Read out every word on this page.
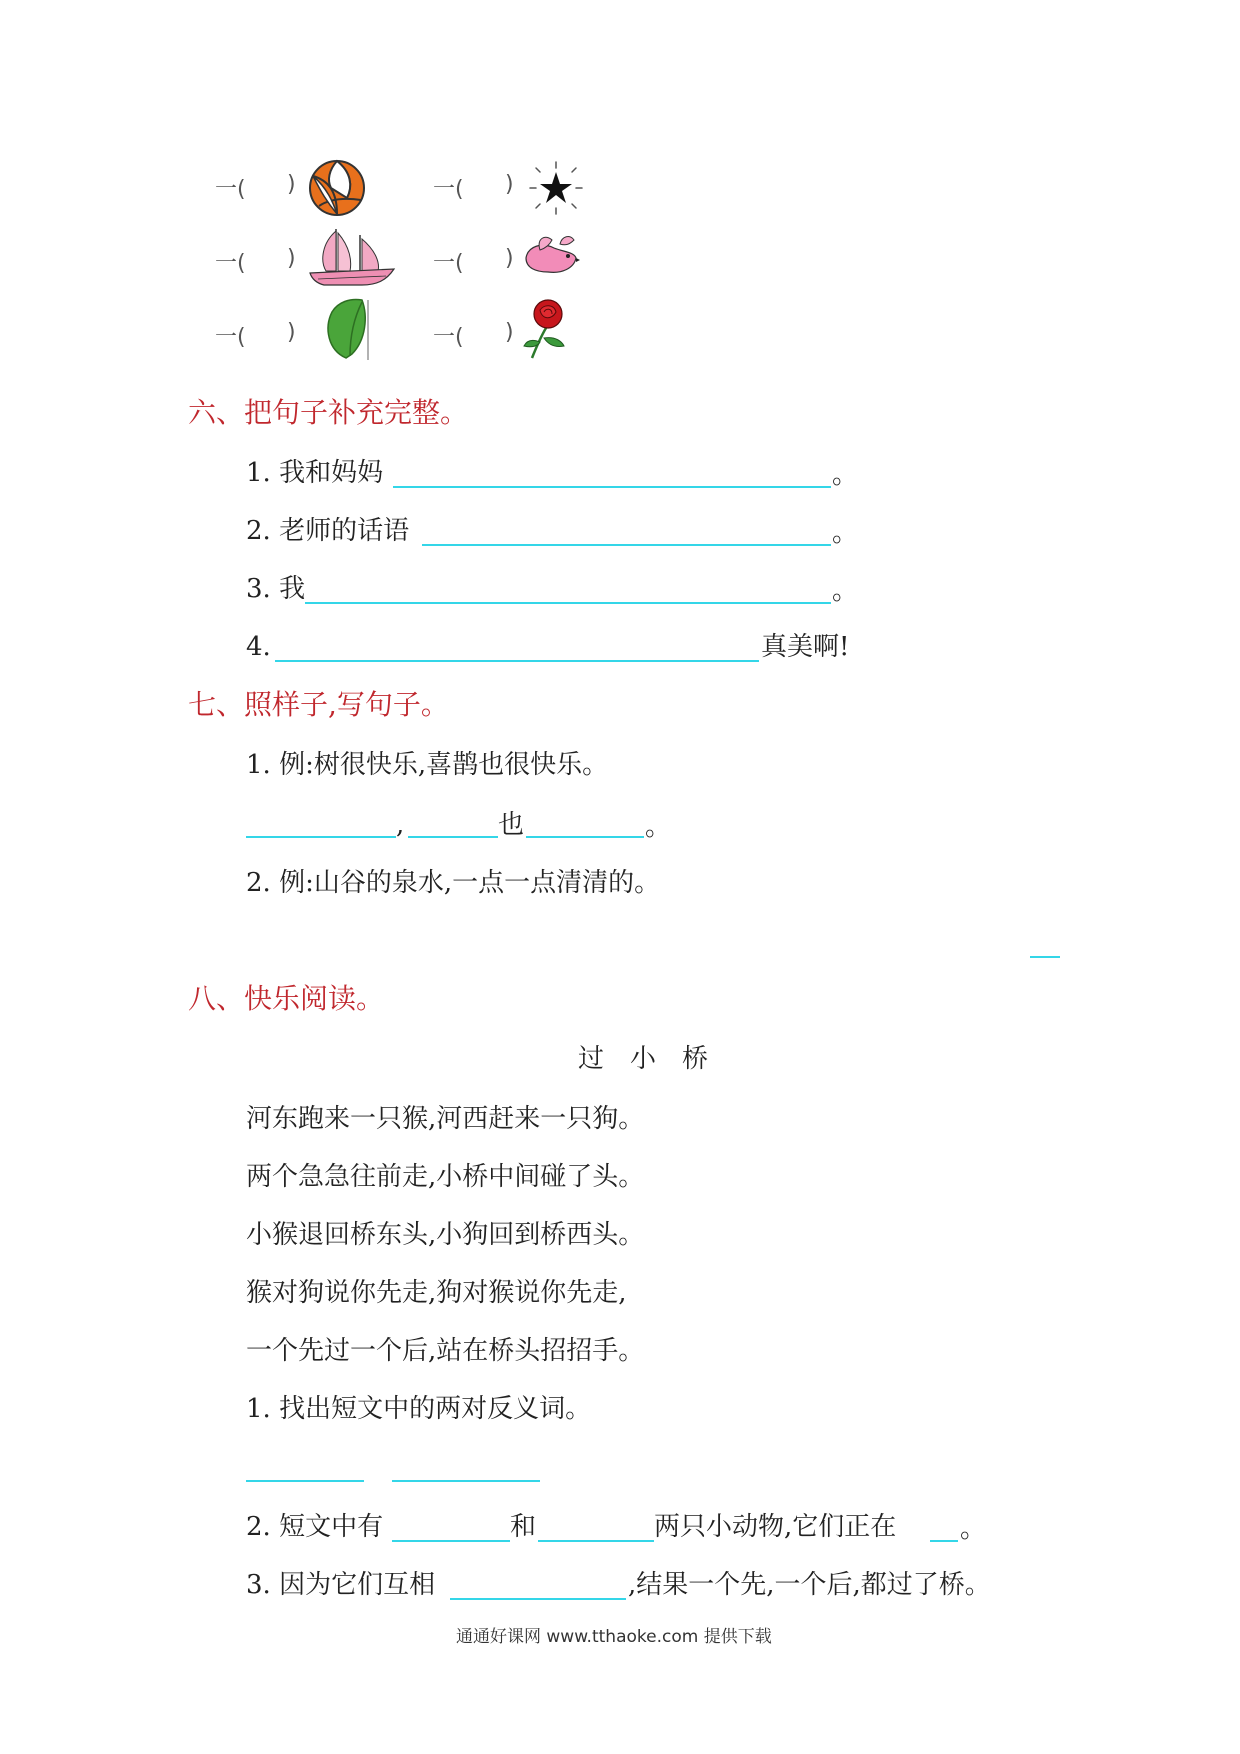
一( )	一( )
一( )	一( )
一( )	一( )
六、把句子补充完整。
1. 我和妈妈	。
2. 老师的话语	。
3. 我	。
4.	真美啊!
七、照样子,写句子。
1. 例:树很快乐,喜鹊也很快乐。
,	也	。
2. 例:山谷的泉水,一点一点清清的。
八、快乐阅读。
过　小　桥
河东跑来一只猴,河西赶来一只狗。
两个急急往前走,小桥中间碰了头。
小猴退回桥东头,小狗回到桥西头。
猴对狗说你先走,狗对猴说你先走,
一个先过一个后,站在桥头招招手。
1. 找出短文中的两对反义词。
2. 短文中有	和	两只小动物,它们正在 。
3. 因为它们互相	,结果一个先,一个后,都过了桥。
通通好课网 www.tthaoke.com 提供下载
